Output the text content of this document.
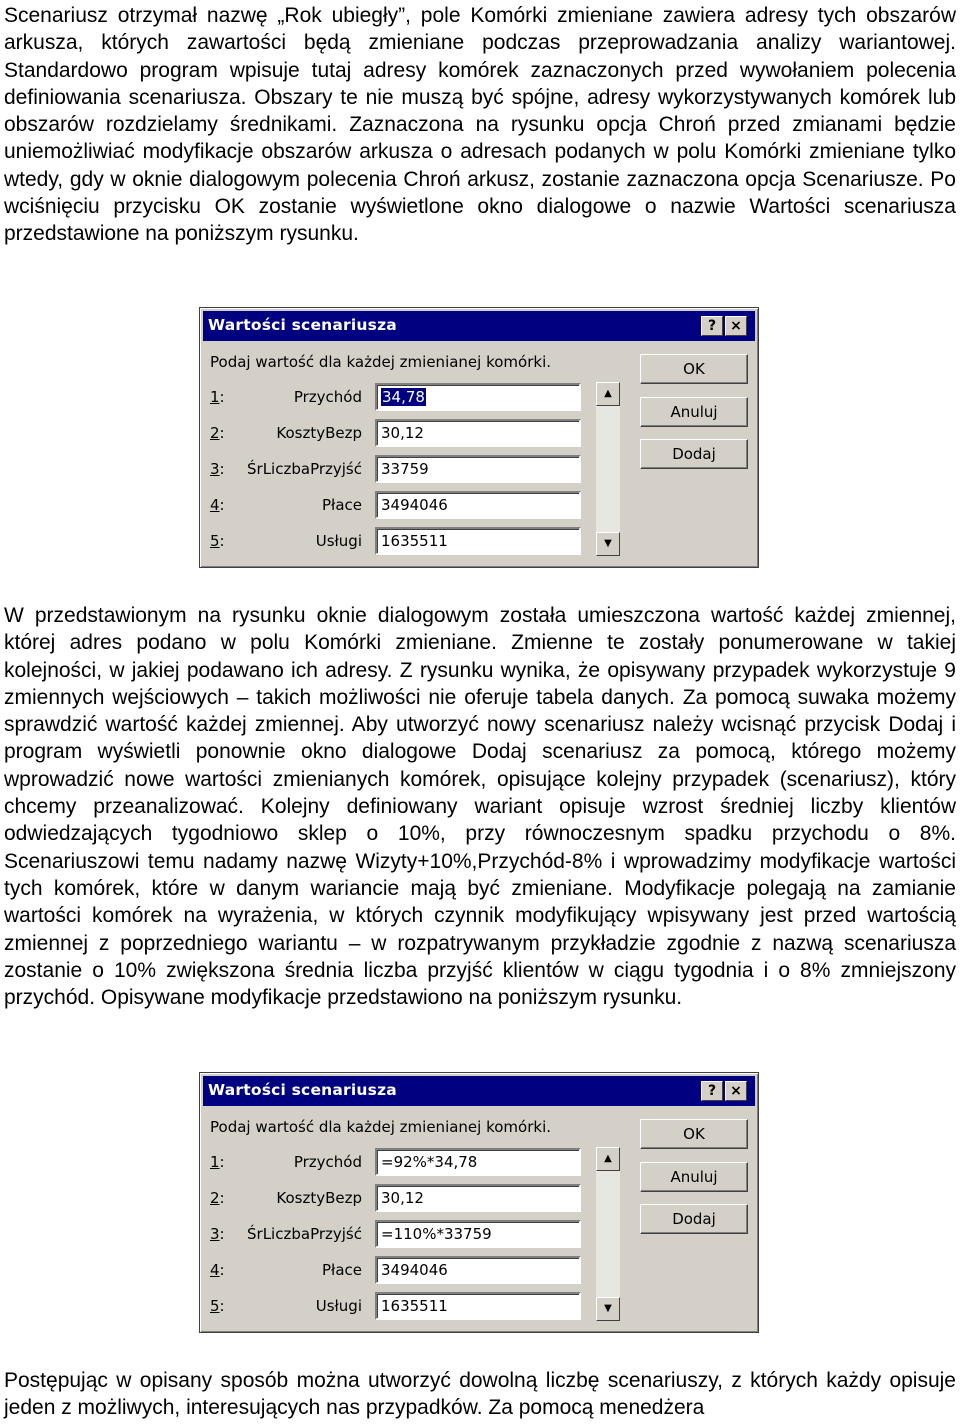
Scenariusz otrzymał nazwę „Rok ubiegły”, pole Komórki zmieniane zawiera adresy tych obszarów arkusza, których zawartości będą zmieniane podczas przeprowadzania analizy wariantowej. Standardowo program wpisuje tutaj adresy komórek zaznaczonych przed wywołaniem polecenia definiowania scenariusza. Obszary te nie muszą być spójne, adresy wykorzystywanych komórek lub obszarów rozdzielamy średnikami. Zaznaczona na rysunku opcja Chroń przed zmianami będzie uniemożliwiać modyfikacje obszarów arkusza o adresach podanych w polu Komórki zmieniane tylko wtedy, gdy w oknie dialogowym polecenia Chroń arkusz, zostanie zaznaczona opcja Scenariusze. Po wciśnięciu przycisku OK zostanie wyświetlone okno dialogowe o nazwie Wartości scenariusza przedstawione na poniższym rysunku.

Wartości scenariusza	?	×
Podaj wartość dla każdej zmienianej komórki.
1:	Przychód	34,78
2:	KosztyBezp	30,12
3: ŚrLiczbaPrzyjść	33759
4:	Płace	3494046
5:	Usługi	1635511
▲
▼
OK
Anuluj
Dodaj

W przedstawionym na rysunku oknie dialogowym została umieszczona wartość każdej zmiennej, której adres podano w polu Komórki zmieniane. Zmienne te zostały ponumerowane w takiej kolejności, w jakiej podawano ich adresy. Z rysunku wynika, że opisywany przypadek wykorzystuje 9 zmiennych wejściowych – takich możliwości nie oferuje tabela danych. Za pomocą suwaka możemy sprawdzić wartość każdej zmiennej. Aby utworzyć nowy scenariusz należy wcisnąć przycisk Dodaj i program wyświetli ponownie okno dialogowe Dodaj scenariusz za pomocą, którego możemy wprowadzić nowe wartości zmienianych komórek, opisujące kolejny przypadek (scenariusz), który chcemy przeanalizować. Kolejny definiowany wariant opisuje wzrost średniej liczby klientów odwiedzających tygodniowo sklep o 10%, przy równoczesnym spadku przychodu o 8%. Scenariuszowi temu nadamy nazwę Wizyty+10%,Przychód-8% i wprowadzimy modyfikacje wartości tych komórek, które w danym wariancie mają być zmieniane. Modyfikacje polegają na zamianie wartości komórek na wyrażenia, w których czynnik modyfikujący wpisywany jest przed wartością zmiennej z poprzedniego wariantu – w rozpatrywanym przykładzie zgodnie z nazwą scenariusza zostanie o 10% zwiększona średnia liczba przyjść klientów w ciągu tygodnia i o 8% zmniejszony przychód. Opisywane modyfikacje przedstawiono na poniższym rysunku.

Wartości scenariusza	?	×
Podaj wartość dla każdej zmienianej komórki.
1:	Przychód	=92%*34,78
2:	KosztyBezp	30,12
3: ŚrLiczbaPrzyjść	=110%*33759
4:	Płace	3494046
5:	Usługi	1635511
▲
▼
OK
Anuluj
Dodaj

Postępując w opisany sposób można utworzyć dowolną liczbę scenariuszy, z których każdy opisuje jeden z możliwych, interesujących nas przypadków. Za pomocą menedżera
